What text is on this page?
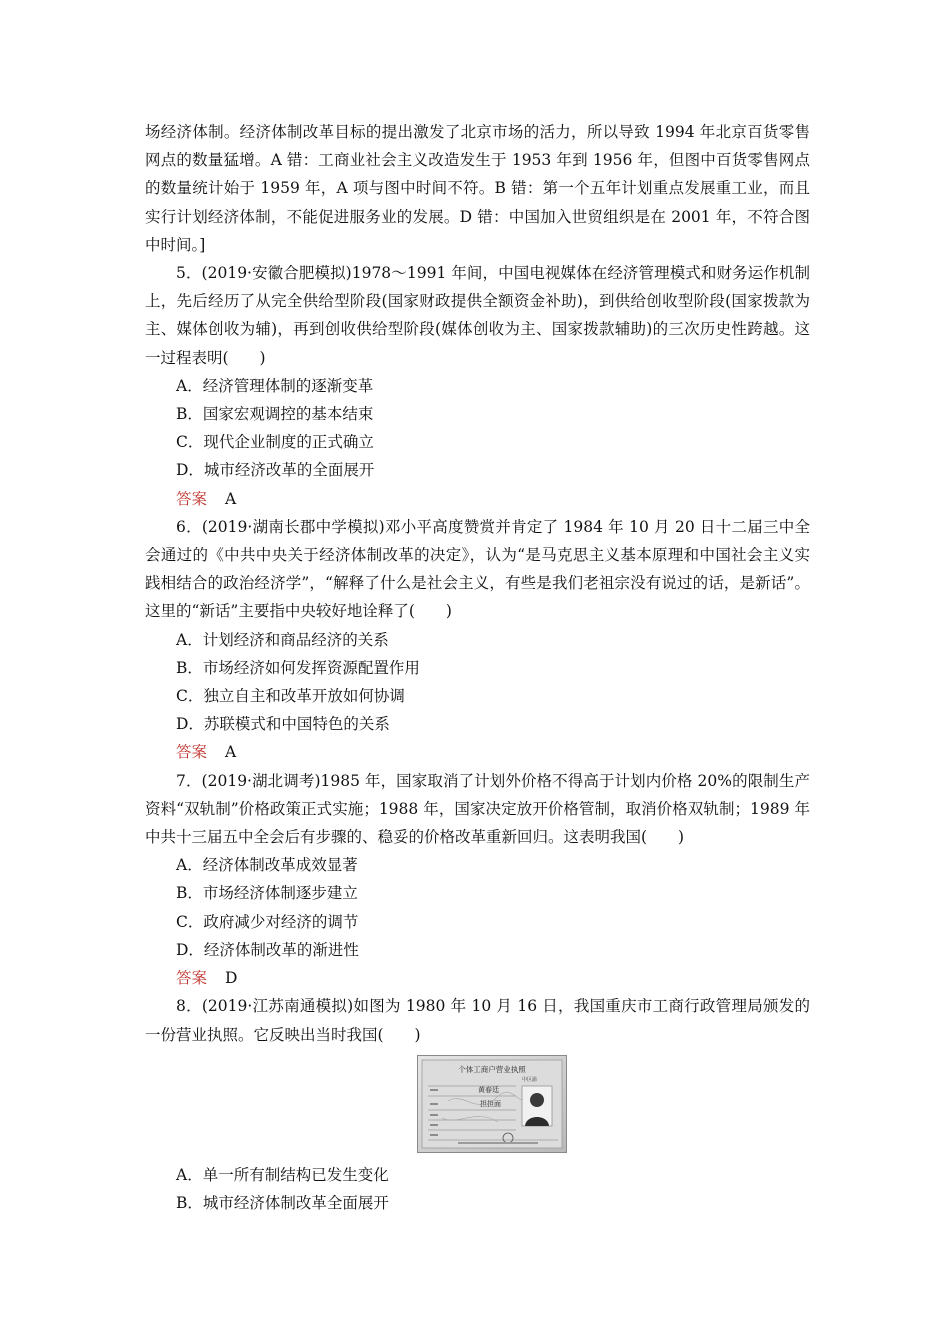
场经济体制。经济体制改革目标的提出激发了北京市场的活力，所以导致 1994 年北京百货零售网点的数量猛增。A 错：工商业社会主义改造发生于 1953 年到 1956 年，但图中百货零售网点的数量统计始于 1959 年，A 项与图中时间不符。B 错：第一个五年计划重点发展重工业，而且实行计划经济体制，不能促进服务业的发展。D 错：中国加入世贸组织是在 2001 年，不符合图中时间。]

5．(2019·安徽合肥模拟)1978～1991 年间，中国电视媒体在经济管理模式和财务运作机制上，先后经历了从完全供给型阶段(国家财政提供全额资金补助)，到供给创收型阶段(国家拨款为主、媒体创收为辅)，再到创收供给型阶段(媒体创收为主、国家拨款辅助)的三次历史性跨越。这一过程表明(　　)

A．经济管理体制的逐渐变革

B．国家宏观调控的基本结束

C．现代企业制度的正式确立

D．城市经济改革的全面展开

答案 A

6．(2019·湖南长郡中学模拟)邓小平高度赞赏并肯定了 1984 年 10 月 20 日十二届三中全会通过的《中共中央关于经济体制改革的决定》，认为“是马克思主义基本原理和中国社会主义实践相结合的政治经济学”，“解释了什么是社会主义，有些是我们老祖宗没有说过的话，是新话”。这里的“新话”主要指中央较好地诠释了(　　)

A．计划经济和商品经济的关系

B．市场经济如何发挥资源配置作用

C．独立自主和改革开放如何协调

D．苏联模式和中国特色的关系

答案 A

7．(2019·湖北调考)1985 年，国家取消了计划外价格不得高于计划内价格 20%的限制生产资料“双轨制”价格政策正式实施；1988 年，国家决定放开价格管制，取消价格双轨制；1989 年中共十三届五中全会后有步骤的、稳妥的价格改革重新回归。这表明我国(　　)

A．经济体制改革成效显著

B．市场经济体制逐步建立

C．政府减少对经济的调节

D．经济体制改革的渐进性

答案 D

8．(2019·江苏南通模拟)如图为 1980 年 10 月 16 日，我国重庆市工商行政管理局颁发的一份营业执照。它反映出当时我国(　　)

个体工商户营业执照
中区渝
黄春廷
担担面

A．单一所有制结构已发生变化

B．城市经济体制改革全面展开
